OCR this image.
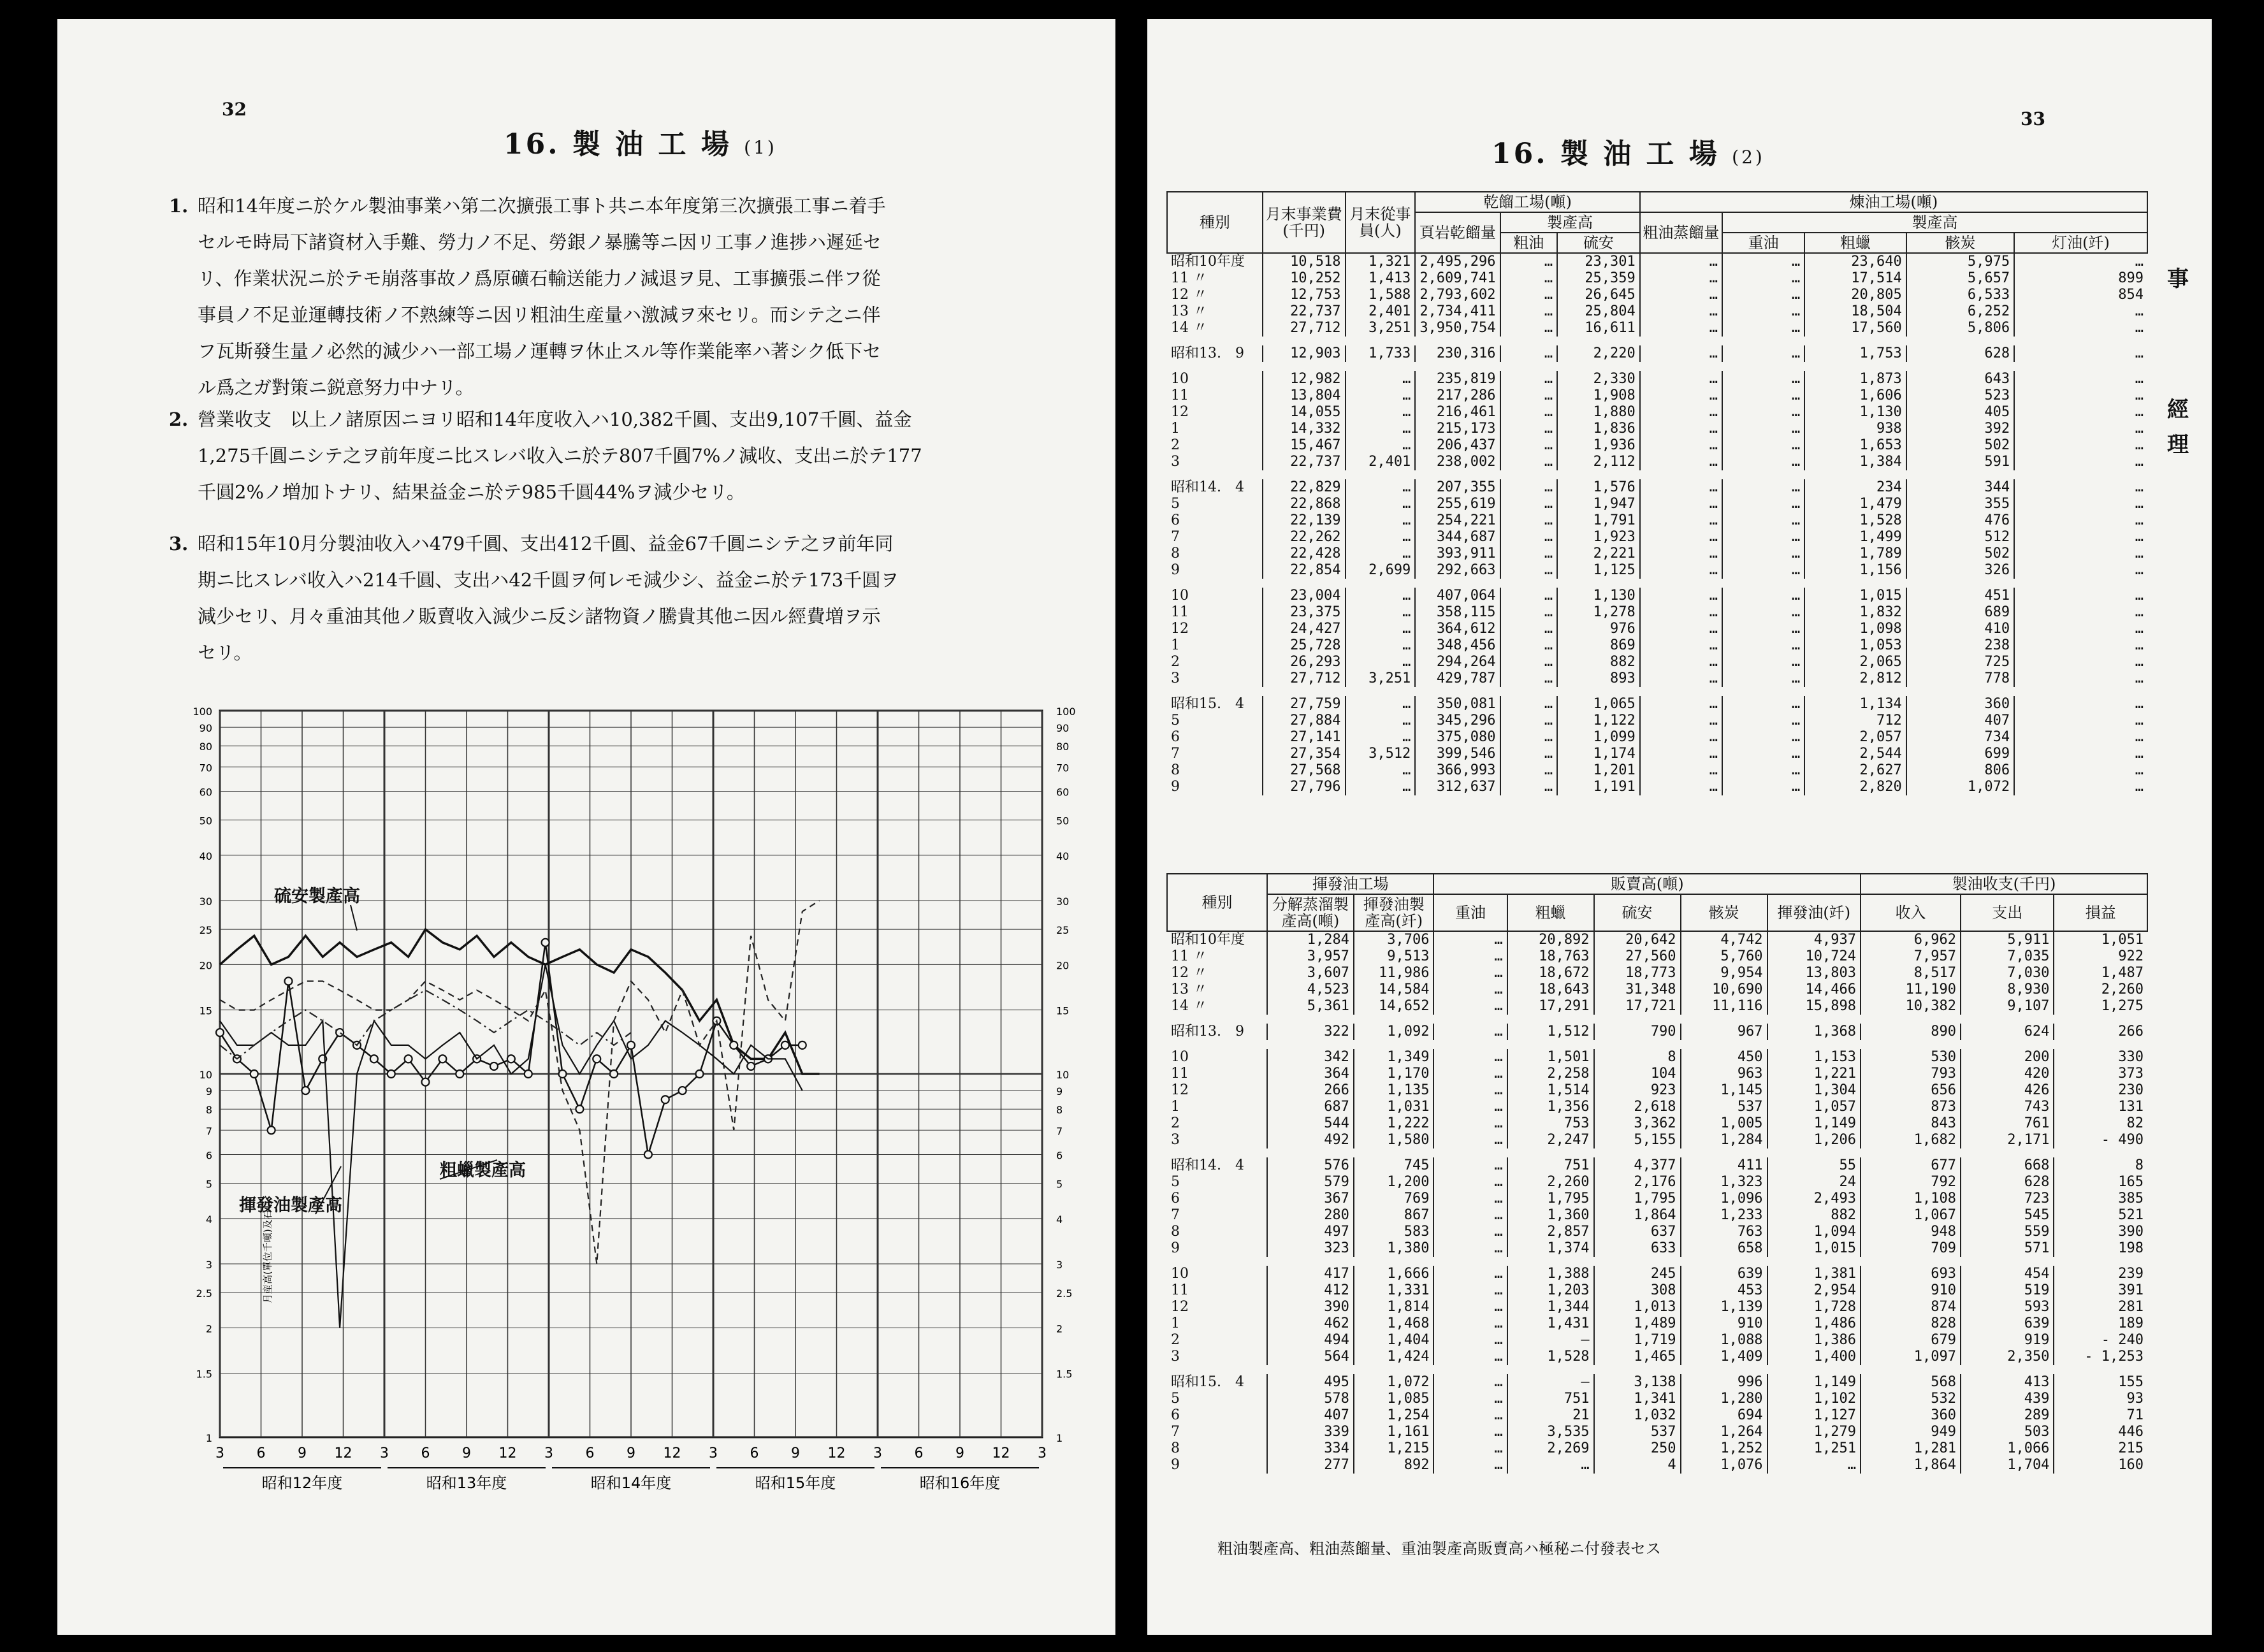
32
16. 製 油 工 場 (1)
1. 昭和14年度ニ於ケル製油事業ハ第二次擴張工事ト共ニ本年度第三次擴張工事ニ着手
セルモ時局下諸資材入手難、勞力ノ不足、勞銀ノ暴騰等ニ因リ工事ノ進捗ハ遲延セ
リ、作業状況ニ於テモ崩落事故ノ爲原礦石輸送能力ノ減退ヲ見、工事擴張ニ伴フ從
事員ノ不足並運轉技術ノ不熟練等ニ因リ粗油生産量ハ激減ヲ來セリ。而シテ之ニ伴
フ瓦斯發生量ノ必然的減少ハ一部工場ノ運轉ヲ休止スル等作業能率ハ著シク低下セ
ル爲之ガ對策ニ鋭意努力中ナリ。
2. 營業收支　以上ノ諸原因ニヨリ昭和14年度收入ハ10,382千圓、支出9,107千圓、益金
1,275千圓ニシテ之ヲ前年度ニ比スレバ收入ニ於テ807千圓7%ノ減收、支出ニ於テ177
千圓2%ノ増加トナリ、結果益金ニ於テ985千圓44%ヲ減少セリ。
3. 昭和15年10月分製油收入ハ479千圓、支出412千圓、益金67千圓ニシテ之ヲ前年同
期ニ比スレバ收入ハ214千圓、支出ハ42千圓ヲ何レモ減少シ、益金ニ於テ173千圓ヲ
減少セリ、月々重油其他ノ販賣收入減少ニ反シ諸物資ノ騰貴其他ニ因ル經費増ヲ示
セリ。
100	100
90	90
80	80
70	70
60	60
50	50
40	40
30	30
25	25
20	20
15	15
10	10
9	9
8	8
7	7
6	6
5	5
4	4
3	3
2.5	2.5
2	2
1.5	1.5
1	1
3 6 9 12 3 6 9 12 3 6 9 12 3 6 9 12 3 6 9 12 3
昭和12年度	昭和13年度	昭和14年度	昭和15年度	昭和16年度
月産高(單位千噸)及石
硫安製產高
粗蠟製產高
揮發油製產高
33
16. 製 油 工 場 (2)
事
經
理
種別	月末事業費(千円)	月末從事員(人)	乾餾工場(噸)			煉油工場(噸)				
			頁岩乾餾量	製產高		粗油蒸餾量	製產高			
				粗油	硫安		重油	粗蠟	骸炭	灯油(竏)
昭和10年度	10,518	1,321	2,495,296	…	23,301	…	…	23,640	5,975	…
11 〃	10,252	1,413	2,609,741	…	25,359	…	…	17,514	5,657	899
12 〃	12,753	1,588	2,793,602	…	26,645	…	…	20,805	6,533	854
13 〃	22,737	2,401	2,734,411	…	25,804	…	…	18,504	6,252	…
14 〃	27,712	3,251	3,950,754	…	16,611	…	…	17,560	5,806	…

昭和13.　9	12,903	1,733	230,316	…	2,220	…	…	1,753	628	…

10	12,982	…	235,819	…	2,330	…	…	1,873	643	…
11	13,804	…	217,286	…	1,908	…	…	1,606	523	…
12	14,055	…	216,461	…	1,880	…	…	1,130	405	…
1	14,332	…	215,173	…	1,836	…	…	938	392	…
2	15,467	…	206,437	…	1,936	…	…	1,653	502	…
3	22,737	2,401	238,002	…	2,112	…	…	1,384	591	…

昭和14.　4	22,829	…	207,355	…	1,576	…	…	234	344	…
5	22,868	…	255,619	…	1,947	…	…	1,479	355	…
6	22,139	…	254,221	…	1,791	…	…	1,528	476	…
7	22,262	…	344,687	…	1,923	…	…	1,499	512	…
8	22,428	…	393,911	…	2,221	…	…	1,789	502	…
9	22,854	2,699	292,663	…	1,125	…	…	1,156	326	…

10	23,004	…	407,064	…	1,130	…	…	1,015	451	…
11	23,375	…	358,115	…	1,278	…	…	1,832	689	…
12	24,427	…	364,612	…	976	…	…	1,098	410	…
1	25,728	…	348,456	…	869	…	…	1,053	238	…
2	26,293	…	294,264	…	882	…	…	2,065	725	…
3	27,712	3,251	429,787	…	893	…	…	2,812	778	…

昭和15.　4	27,759	…	350,081	…	1,065	…	…	1,134	360	…
5	27,884	…	345,296	…	1,122	…	…	712	407	…
6	27,141	…	375,080	…	1,099	…	…	2,057	734	…
7	27,354	3,512	399,546	…	1,174	…	…	2,544	699	…
8	27,568	…	366,993	…	1,201	…	…	2,627	806	…
9	27,796	…	312,637	…	1,191	…	…	2,820	1,072	…
種別	揮發油工場		販賣高(噸)					製油收支(千円)		
	分解蒸溜製產高(噸)	揮發油製產高(竏)	重油	粗蠟	硫安	骸炭	揮發油(竏)	收入	支出	損益
昭和10年度	1,284	3,706	…	20,892	20,642	4,742	4,937	6,962	5,911	1,051
11 〃	3,957	9,513	…	18,763	27,560	5,760	10,724	7,957	7,035	922
12 〃	3,607	11,986	…	18,672	18,773	9,954	13,803	8,517	7,030	1,487
13 〃	4,523	14,584	…	18,643	31,348	10,690	14,466	11,190	8,930	2,260
14 〃	5,361	14,652	…	17,291	17,721	11,116	15,898	10,382	9,107	1,275

昭和13.　9	322	1,092	…	1,512	790	967	1,368	890	624	266

10	342	1,349	…	1,501	8	450	1,153	530	200	330
11	364	1,170	…	2,258	104	963	1,221	793	420	373
12	266	1,135	…	1,514	923	1,145	1,304	656	426	230
1	687	1,031	…	1,356	2,618	537	1,057	873	743	131
2	544	1,222	…	753	3,362	1,005	1,149	843	761	82
3	492	1,580	…	2,247	5,155	1,284	1,206	1,682	2,171	- 490

昭和14.　4	576	745	…	751	4,377	411	55	677	668	8
5	579	1,200	…	2,260	2,176	1,323	24	792	628	165
6	367	769	…	1,795	1,795	1,096	2,493	1,108	723	385
7	280	867	…	1,360	1,864	1,233	882	1,067	545	521
8	497	583	…	2,857	637	763	1,094	948	559	390
9	323	1,380	…	1,374	633	658	1,015	709	571	198

10	417	1,666	…	1,388	245	639	1,381	693	454	239
11	412	1,331	…	1,203	308	453	2,954	910	519	391
12	390	1,814	…	1,344	1,013	1,139	1,728	874	593	281
1	462	1,468	…	1,431	1,489	910	1,486	828	639	189
2	494	1,404	…	—	1,719	1,088	1,386	679	919	- 240
3	564	1,424	…	1,528	1,465	1,409	1,400	1,097	2,350	- 1,253

昭和15.　4	495	1,072	…	—	3,138	996	1,149	568	413	155
5	578	1,085	…	751	1,341	1,280	1,102	532	439	93
6	407	1,254	…	21	1,032	694	1,127	360	289	71
7	339	1,161	…	3,535	537	1,264	1,279	949	503	446
8	334	1,215	…	2,269	250	1,252	1,251	1,281	1,066	215
9	277	892	…	…	4	1,076	…	1,864	1,704	160
粗油製產高、粗油蒸餾量、重油製產高販賣高ハ極秘ニ付發表セス
